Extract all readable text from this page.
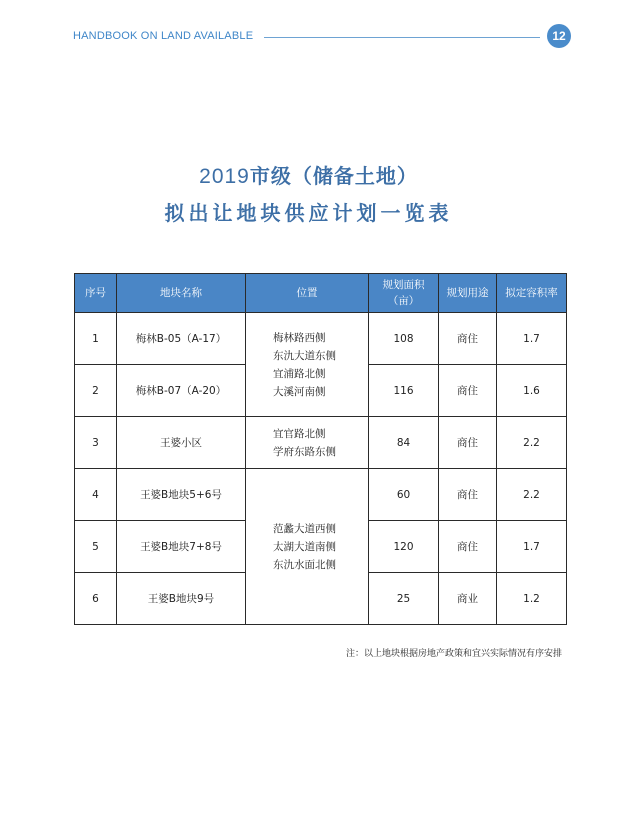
HANDBOOK ON LAND AVAILABLE	12
2019市级（储备土地）
拟出让地块供应计划一览表
序号	地块名称	位置	规划面积
（亩）	规划用途	拟定容积率
1	梅林B-05（A-17）	梅林路西侧
东氿大道东侧
宜浦路北侧
大溪河南侧	108	商住	1.7
2	梅林B-07（A-20）		116	商住	1.6
3	王婆小区	宜官路北侧
学府东路东侧	84	商住	2.2
4	王婆B地块5+6号	范蠡大道西侧
太湖大道南侧
东氿水面北侧	60	商住	2.2
5	王婆B地块7+8号		120	商住	1.7
6	王婆B地块9号		25	商业	1.2
注：以上地块根据房地产政策和宜兴实际情况有序安排
